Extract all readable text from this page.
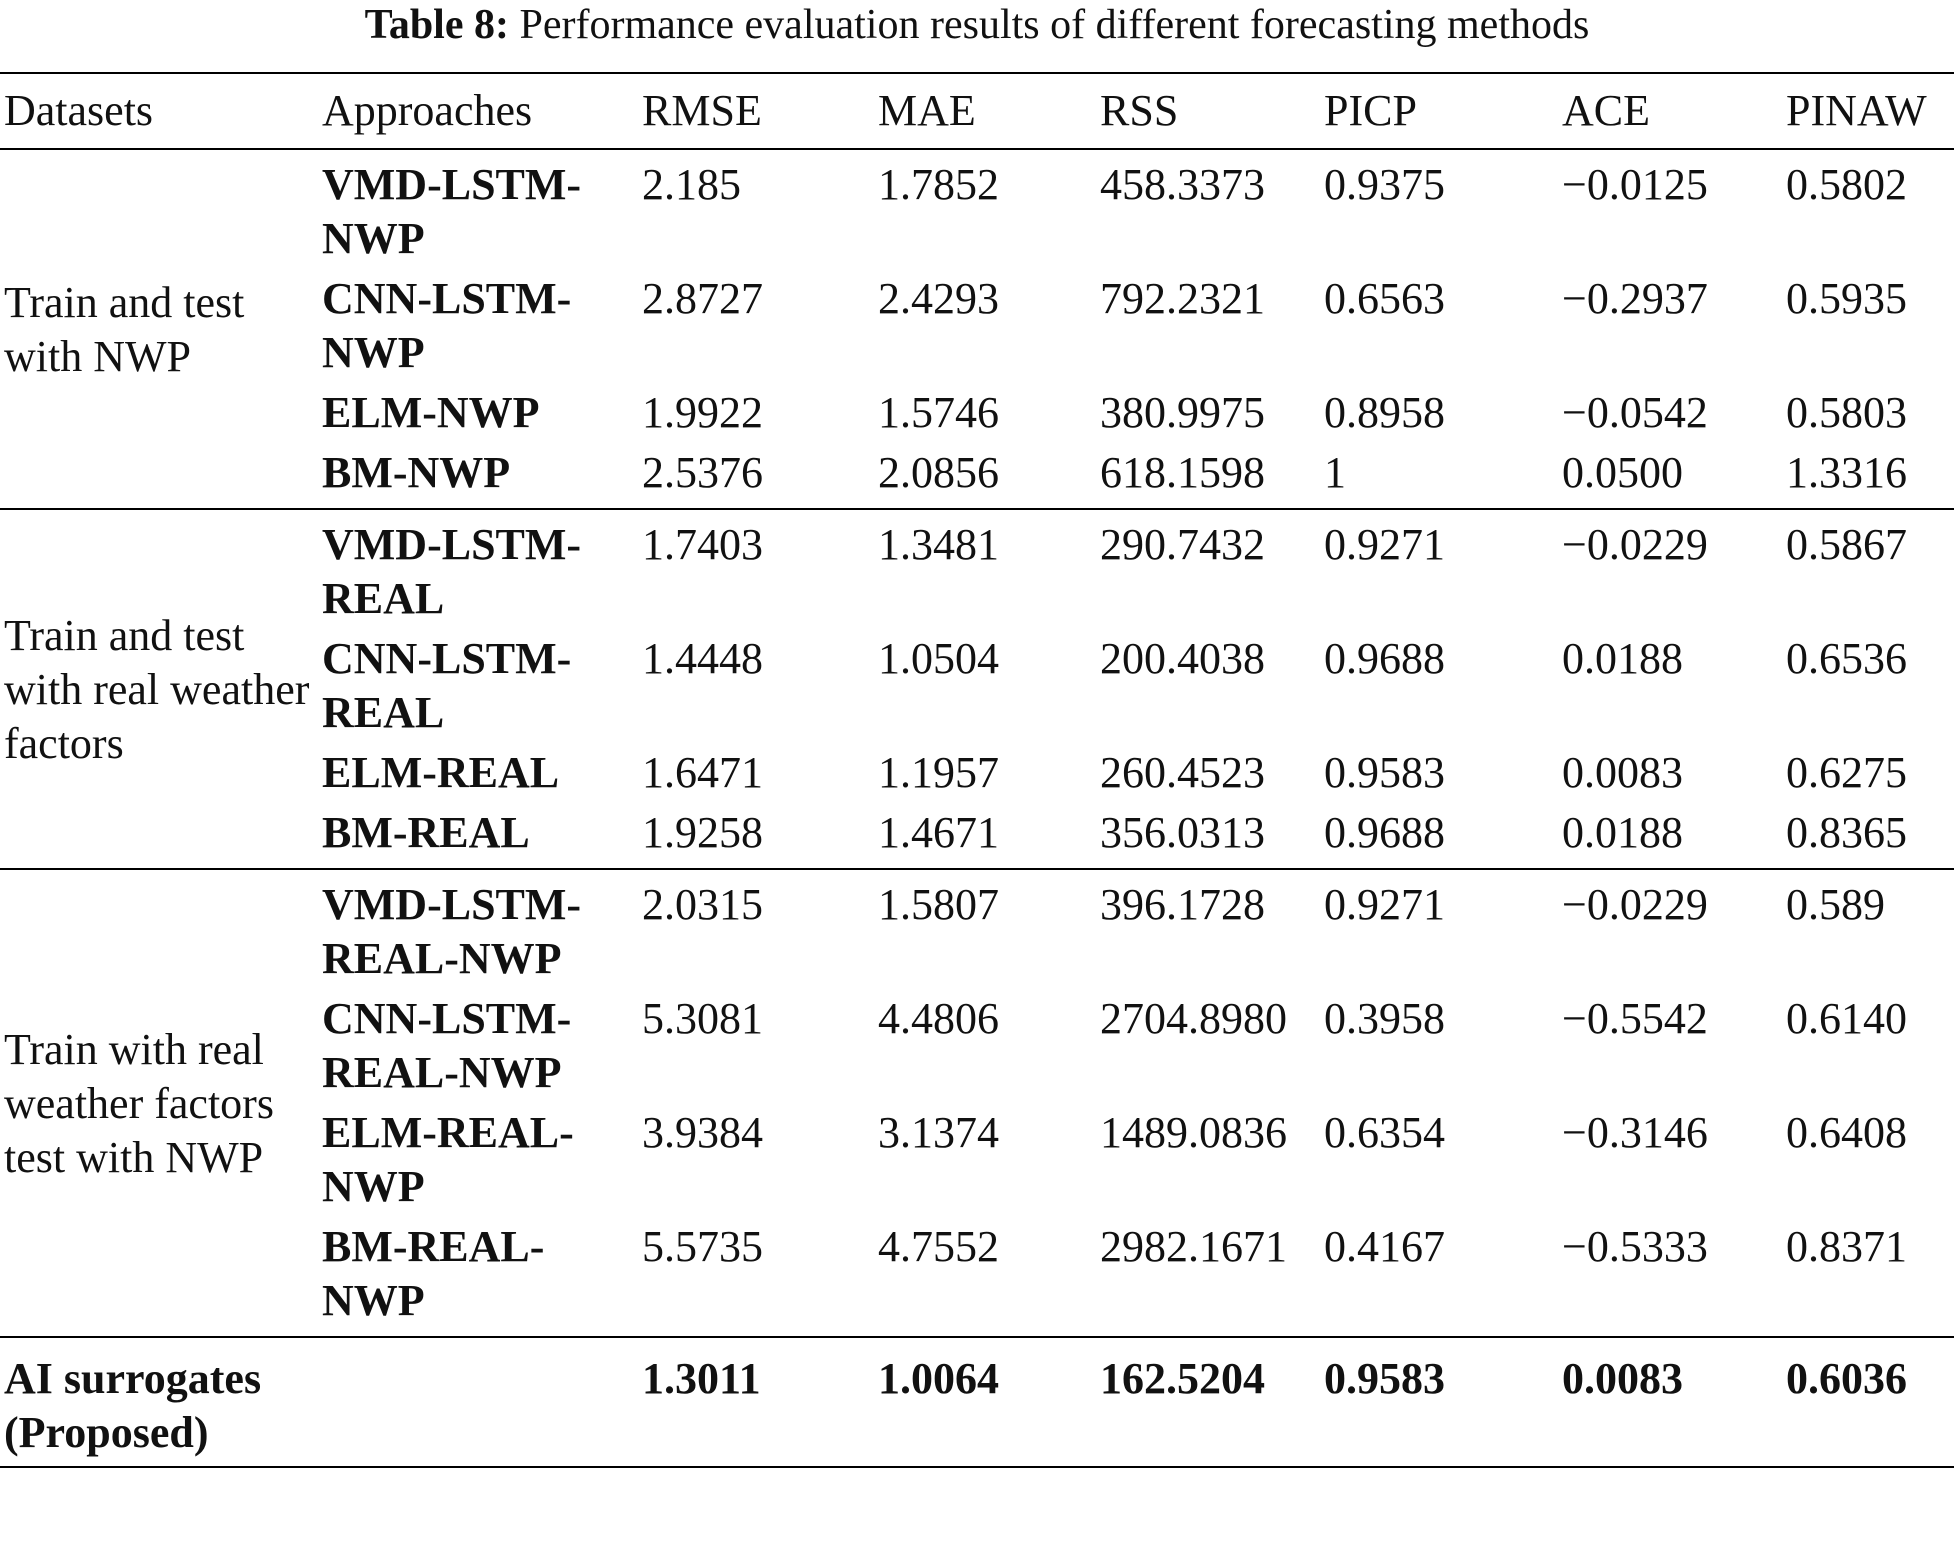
Table 8: Performance evaluation results of different forecasting methods
Datasets	Approaches	RMSE	MAE	RSS	PICP	ACE	PINAW
Train and test with NWP	VMD-LSTM-NWP	2.185	1.7852	458.3373	0.9375	−0.0125	0.5802
	CNN-LSTM-NWP	2.8727	2.4293	792.2321	0.6563	−0.2937	0.5935
	ELM-NWP	1.9922	1.5746	380.9975	0.8958	−0.0542	0.5803
	BM-NWP	2.5376	2.0856	618.1598	1	0.0500	1.3316
Train and test with real weather factors	VMD-LSTM-REAL	1.7403	1.3481	290.7432	0.9271	−0.0229	0.5867
	CNN-LSTM-REAL	1.4448	1.0504	200.4038	0.9688	0.0188	0.6536
	ELM-REAL	1.6471	1.1957	260.4523	0.9583	0.0083	0.6275
	BM-REAL	1.9258	1.4671	356.0313	0.9688	0.0188	0.8365
Train with real weather factors test with NWP	VMD-LSTM-REAL-NWP	2.0315	1.5807	396.1728	0.9271	−0.0229	0.589
	CNN-LSTM-REAL-NWP	5.3081	4.4806	2704.8980	0.3958	−0.5542	0.6140
	ELM-REAL-NWP	3.9384	3.1374	1489.0836	0.6354	−0.3146	0.6408
	BM-REAL-NWP	5.5735	4.7552	2982.1671	0.4167	−0.5333	0.8371
AI surrogates (Proposed)		1.3011	1.0064	162.5204	0.9583	0.0083	0.6036
